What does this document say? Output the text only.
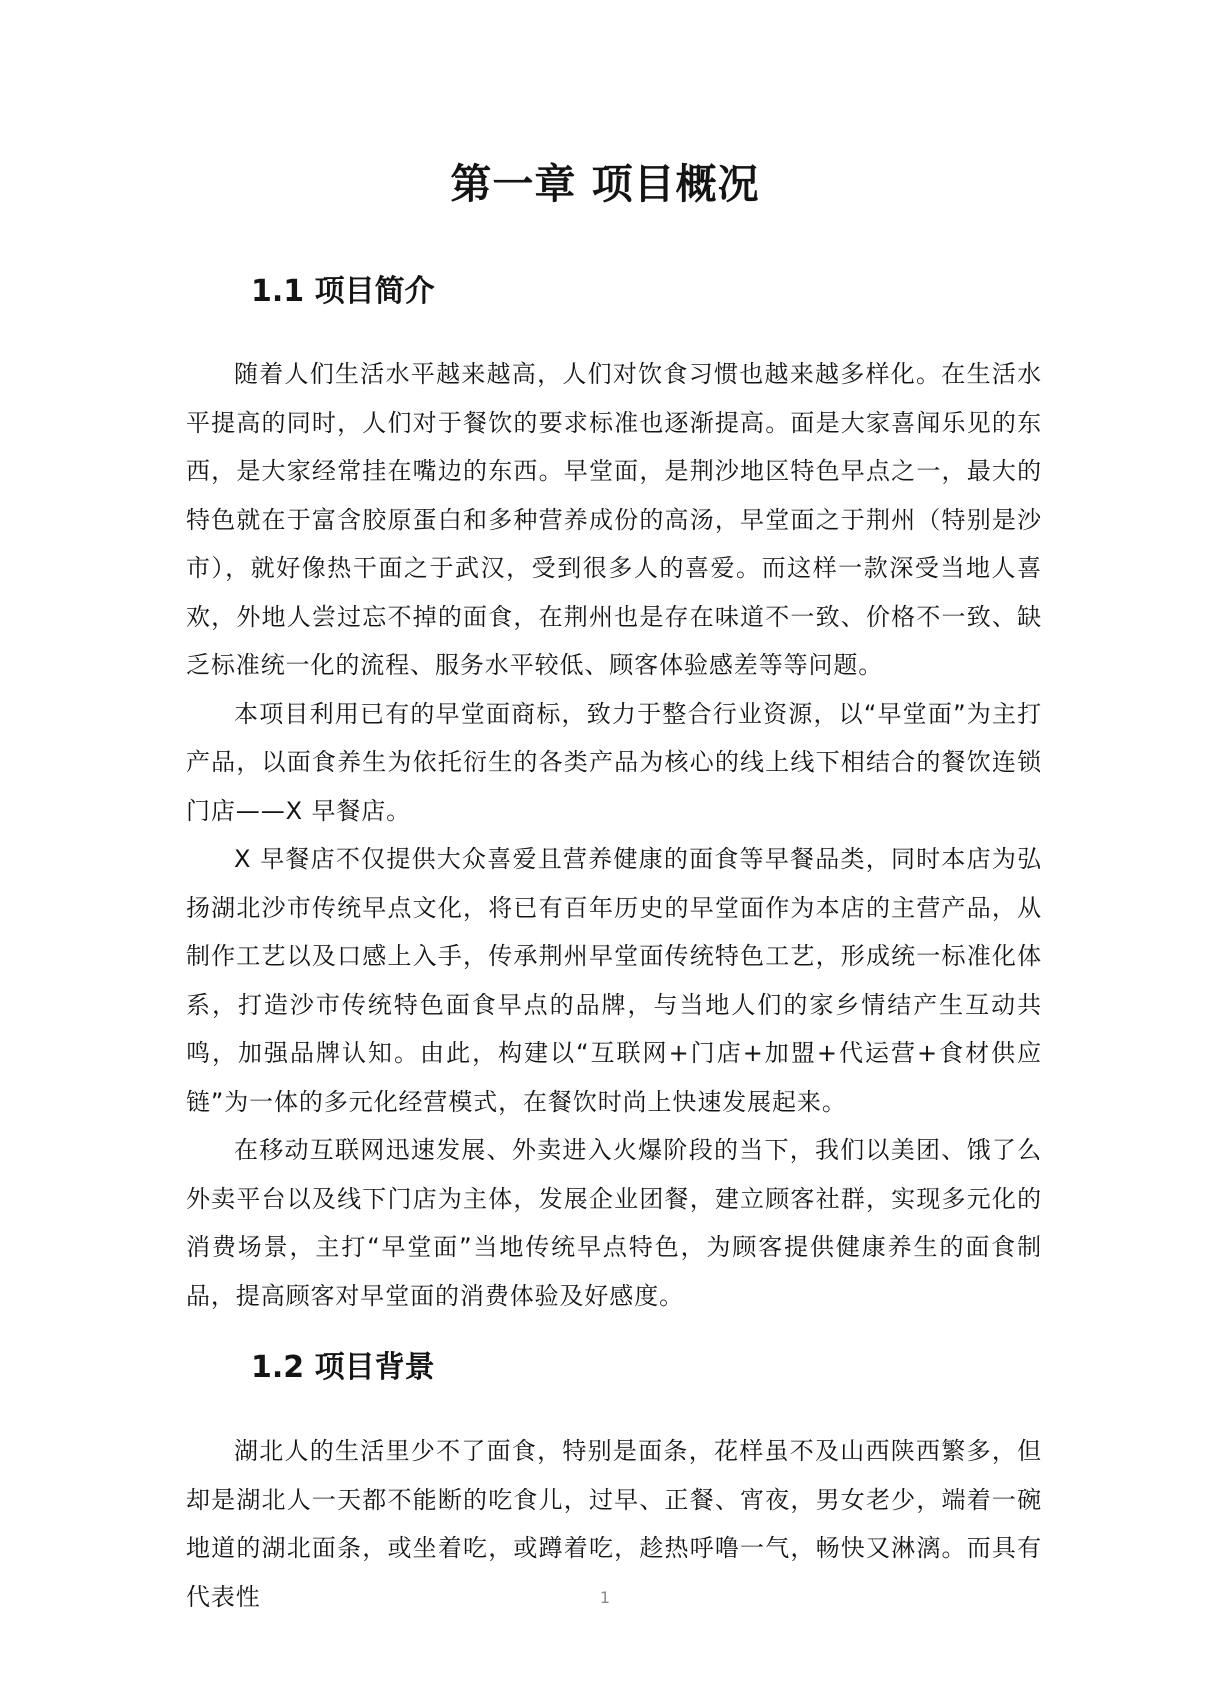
第一章 项目概况
1.1 项目简介

随着人们生活水平越来越高，人们对饮食习惯也越来越多样化。在生活水平提高的同时，人们对于餐饮的要求标准也逐渐提高。面是大家喜闻乐见的东西，是大家经常挂在嘴边的东西。早堂面，是荆沙地区特色早点之一，最大的特色就在于富含胶原蛋白和多种营养成份的高汤，早堂面之于荆州（特别是沙市），就好像热干面之于武汉，受到很多人的喜爱。而这样一款深受当地人喜欢，外地人尝过忘不掉的面食，在荆州也是存在味道不一致、价格不一致、缺乏标准统一化的流程、服务水平较低、顾客体验感差等等问题。

本项目利用已有的早堂面商标，致力于整合行业资源，以“早堂面”为主打产品，以面食养生为依托衍生的各类产品为核心的线上线下相结合的餐饮连锁门店——X 早餐店。

X 早餐店不仅提供大众喜爱且营养健康的面食等早餐品类，同时本店为弘扬湖北沙市传统早点文化，将已有百年历史的早堂面作为本店的主营产品，从制作工艺以及口感上入手，传承荆州早堂面传统特色工艺，形成统一标准化体系，打造沙市传统特色面食早点的品牌，与当地人们的家乡情结产生互动共鸣，加强品牌认知。由此，构建以“互联网+门店+加盟+代运营+食材供应链”为一体的多元化经营模式，在餐饮时尚上快速发展起来。

在移动互联网迅速发展、外卖进入火爆阶段的当下，我们以美团、饿了么外卖平台以及线下门店为主体，发展企业团餐，建立顾客社群，实现多元化的消费场景，主打“早堂面”当地传统早点特色，为顾客提供健康养生的面食制品，提高顾客对早堂面的消费体验及好感度。

1.2 项目背景

湖北人的生活里少不了面食，特别是面条，花样虽不及山西陕西繁多，但却是湖北人一天都不能断的吃食儿，过早、正餐、宵夜，男女老少，端着一碗地道的湖北面条，或坐着吃，或蹲着吃，趁热呼噜一气，畅快又淋漓。而具有代表性	1
